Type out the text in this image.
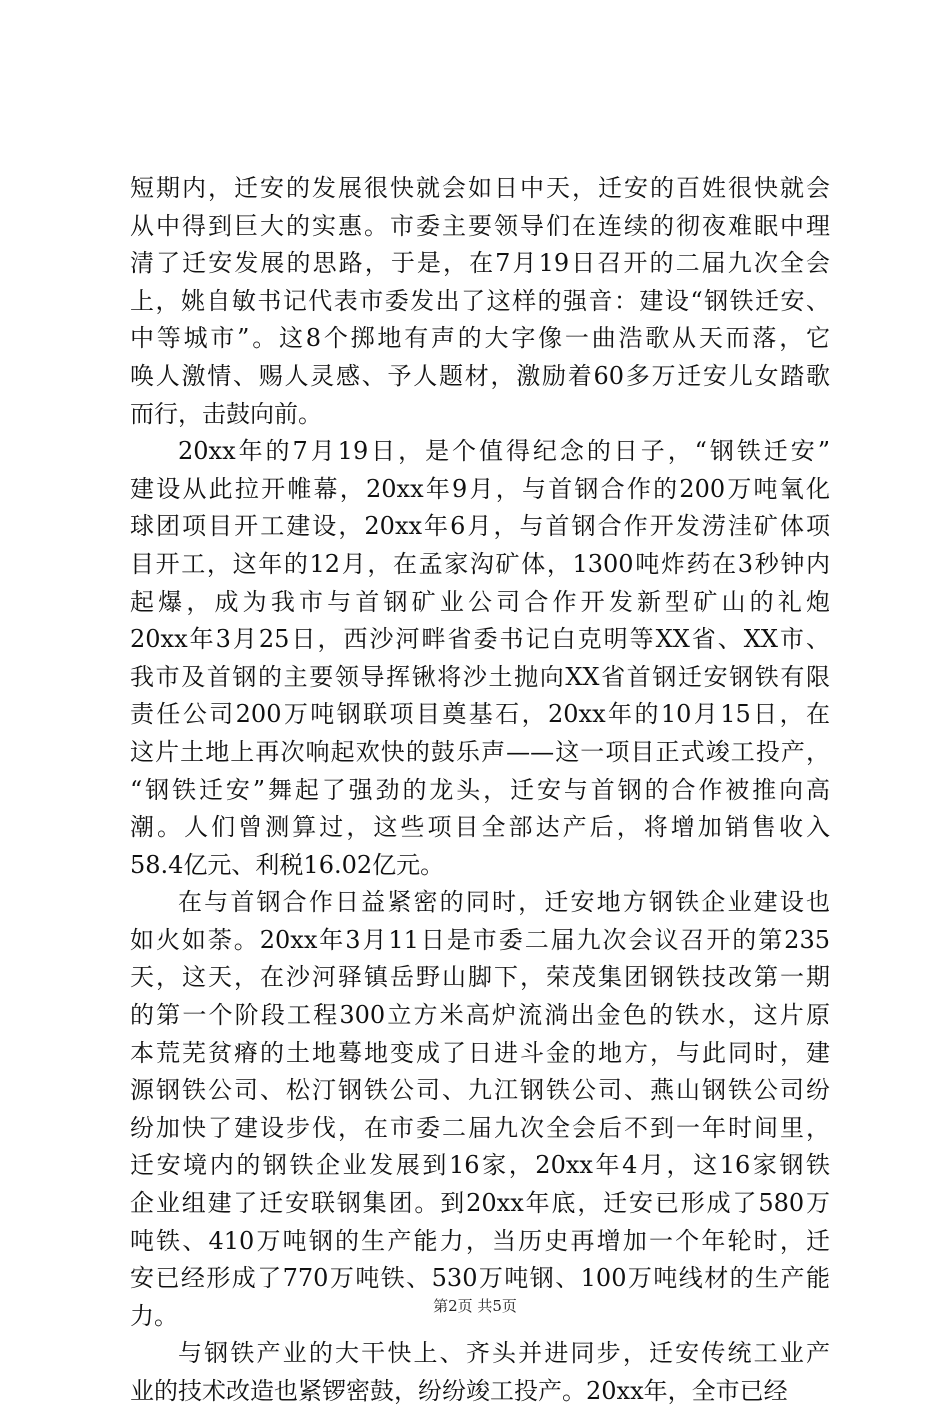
短期内，迁安的发展很快就会如日中天，迁安的百姓很快就会
从中得到巨大的实惠。市委主要领导们在连续的彻夜难眠中理
清了迁安发展的思路，于是，在7月19日召开的二届九次全会
上，姚自敏书记代表市委发出了这样的强音：建设“钢铁迁安、
中等城市”。这8个掷地有声的大字像一曲浩歌从天而落，它
唤人激情、赐人灵感、予人题材，激励着60多万迁安儿女踏歌
而行，击鼓向前。
20xx年的7月19日，是个值得纪念的日子，“钢铁迁安”
建设从此拉开帷幕，20xx年9月，与首钢合作的200万吨氧化
球团项目开工建设，20xx年6月，与首钢合作开发涝洼矿体项
目开工，这年的12月，在孟家沟矿体，1300吨炸药在3秒钟内
起爆，成为我市与首钢矿业公司合作开发新型矿山的礼炮
20xx年3月25日，西沙河畔省委书记白克明等XX省、XX市、
我市及首钢的主要领导挥锹将沙土抛向XX省首钢迁安钢铁有限
责任公司200万吨钢联项目奠基石，20xx年的10月15日，在
这片土地上再次响起欢快的鼓乐声——这一项目正式竣工投产，
“钢铁迁安”舞起了强劲的龙头，迁安与首钢的合作被推向高
潮。人们曾测算过，这些项目全部达产后，将增加销售收入
58.4亿元、利税16.02亿元。
在与首钢合作日益紧密的同时，迁安地方钢铁企业建设也
如火如荼。20xx年3月11日是市委二届九次会议召开的第235
天，这天，在沙河驿镇岳野山脚下，荣茂集团钢铁技改第一期
的第一个阶段工程300立方米高炉流淌出金色的铁水，这片原
本荒芜贫瘠的土地蓦地变成了日进斗金的地方，与此同时，建
源钢铁公司、松汀钢铁公司、九江钢铁公司、燕山钢铁公司纷
纷加快了建设步伐，在市委二届九次全会后不到一年时间里，
迁安境内的钢铁企业发展到16家，20xx年4月，这16家钢铁
企业组建了迁安联钢集团。到20xx年底，迁安已形成了580万
吨铁、410万吨钢的生产能力，当历史再增加一个年轮时，迁
安已经形成了770万吨铁、530万吨钢、100万吨线材的生产能
力。
与钢铁产业的大干快上、齐头并进同步，迁安传统工业产
业的技术改造也紧锣密鼓，纷纷竣工投产。20xx年，全市已经
第2页 共5页
